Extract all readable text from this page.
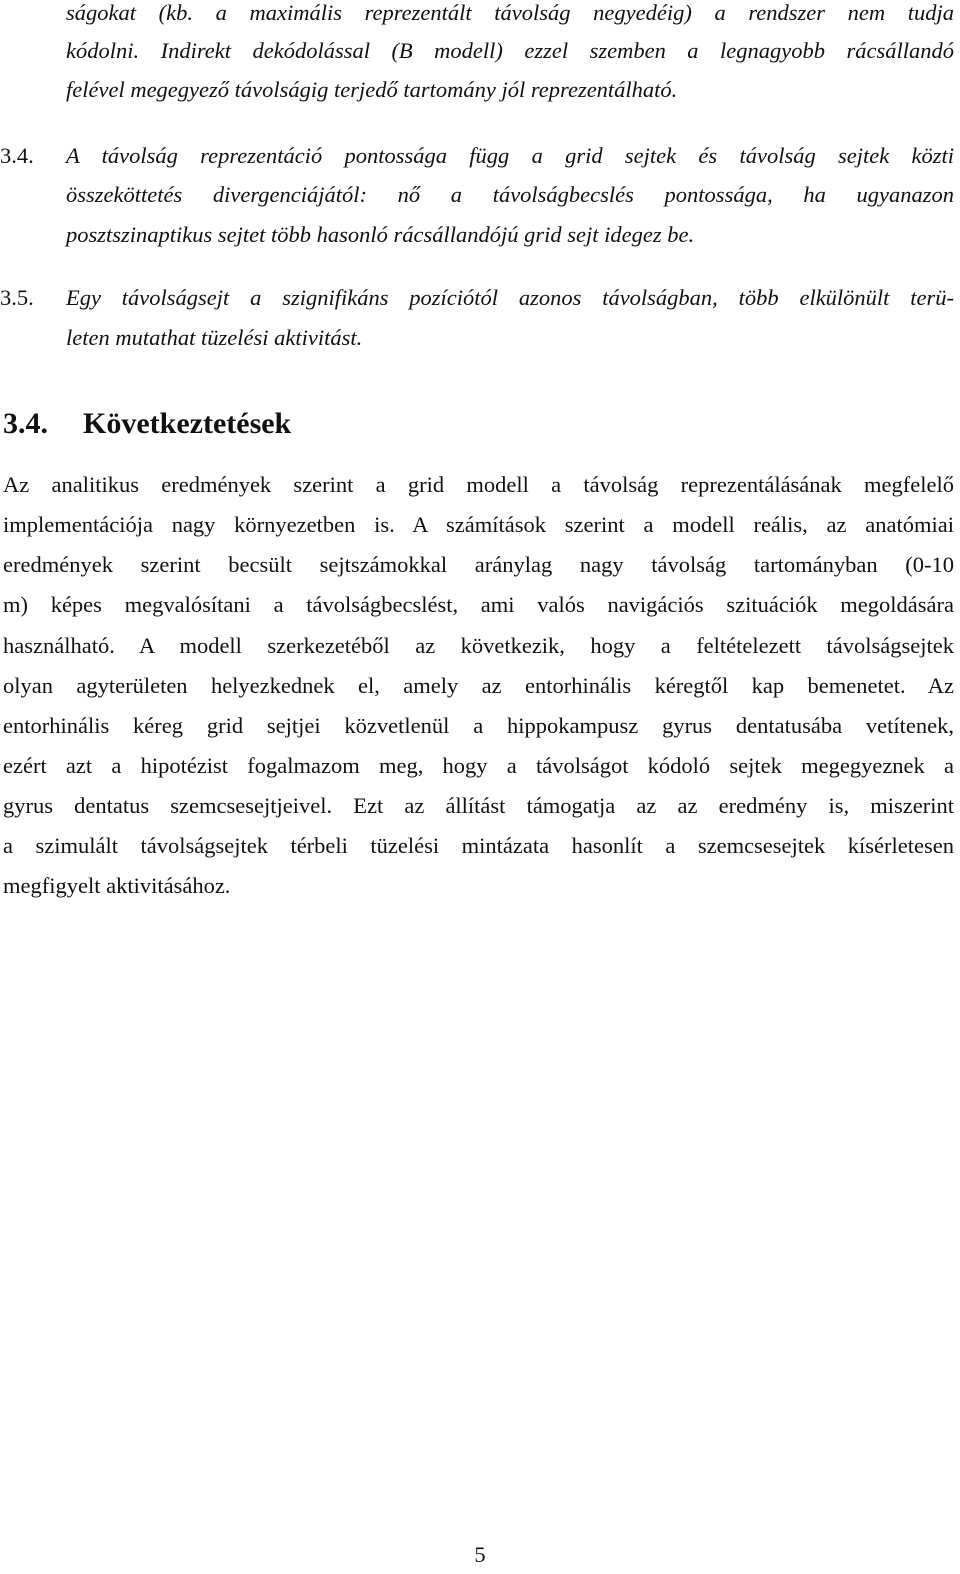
ságokat (kb. a maximális reprezentált távolság negyedéig) a rendszer nem tudja
kódolni. Indirekt dekódolással (B modell) ezzel szemben a legnagyobb rácsállandó
felével megegyező távolságig terjedő tartomány jól reprezentálható.
3.4.	A távolság reprezentáció pontossága függ a grid sejtek és távolság sejtek közti
összeköttetés divergenciájától: nő a távolságbecslés pontossága, ha ugyanazon
posztszinaptikus sejtet több hasonló rácsállandójú grid sejt idegez be.
3.5.	Egy távolságsejt a szignifikáns pozíciótól azonos távolságban, több elkülönült terü-
leten mutathat tüzelési aktivitást.
3.4. Következtetések
Az analitikus eredmények szerint a grid modell a távolság reprezentálásának megfelelő
implementációja nagy környezetben is. A számítások szerint a modell reális, az anatómiai
eredmények szerint becsült sejtszámokkal aránylag nagy távolság tartományban (0-10
m) képes megvalósítani a távolságbecslést, ami valós navigációs szituációk megoldására
használható. A modell szerkezetéből az következik, hogy a feltételezett távolságsejtek
olyan agyterületen helyezkednek el, amely az entorhinális kéregtől kap bemenetet. Az
entorhinális kéreg grid sejtjei közvetlenül a hippokampusz gyrus dentatusába vetítenek,
ezért azt a hipotézist fogalmazom meg, hogy a távolságot kódoló sejtek megegyeznek a
gyrus dentatus szemcsesejtjeivel. Ezt az állítást támogatja az az eredmény is, miszerint
a szimulált távolságsejtek térbeli tüzelési mintázata hasonlít a szemcsesejtek kísérletesen
megfigyelt aktivitásához.
5
